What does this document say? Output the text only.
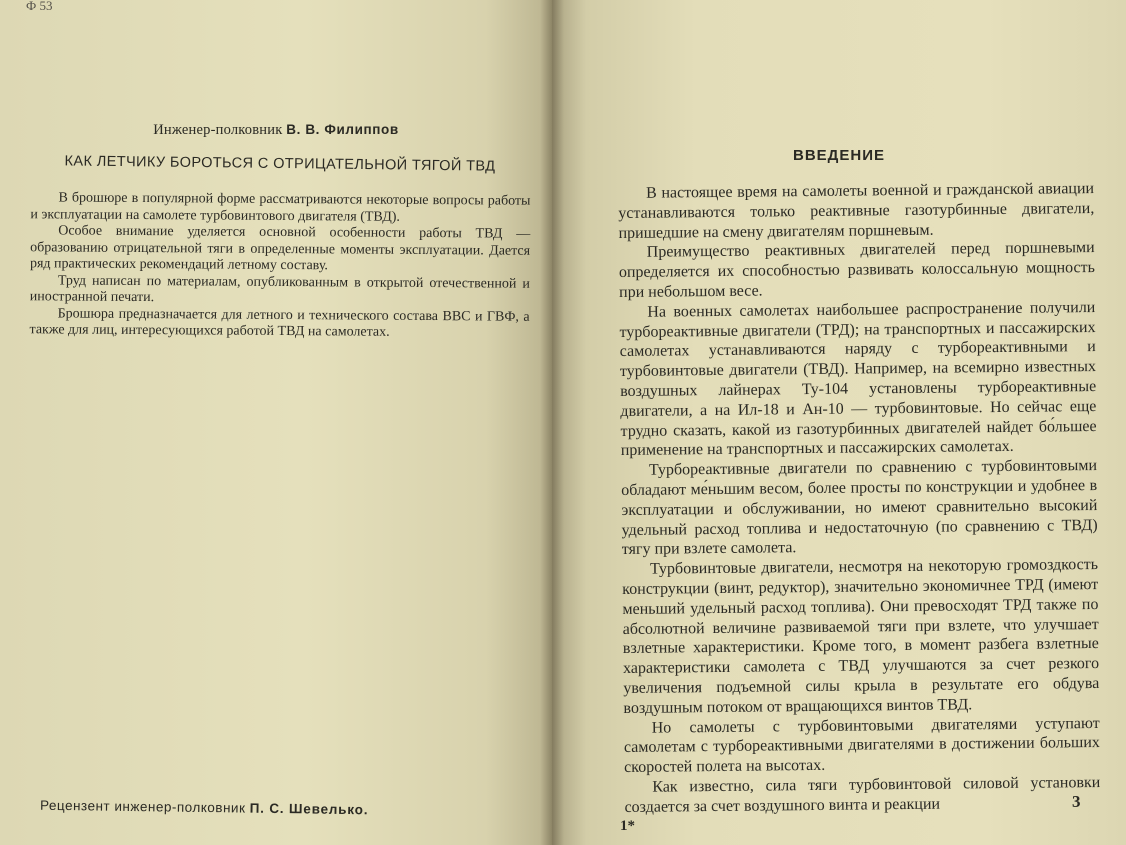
Ф 53
Инженер-полковник В. В. Филиппов
КАК ЛЕТЧИКУ БОРОТЬСЯ С ОТРИЦАТЕЛЬНОЙ ТЯГОЙ ТВД

В брошюре в популярной форме рассматриваются некоторые вопросы работы и эксплуатации на самолете турбовинтового двигателя (ТВД).

Особое внимание уделяется основной особенности работы ТВД — образованию отрицательной тяги в определенные моменты эксплуатации. Дается ряд практических рекомендаций летному составу.

Труд написан по материалам, опубликованным в открытой отечественной и иностранной печати.

Брошюра предназначается для летного и технического состава ВВС и ГВФ, а также для лиц, интересующихся работой ТВД на самолетах.

Рецензент инженер-полковник П. С. Шевелько.
ВВЕДЕНИЕ

В настоящее время на самолеты военной и гражданской авиации устанавливаются только реактивные газотурбинные двигатели, пришедшие на смену двигателям поршневым.

Преимущество реактивных двигателей перед поршневыми определяется их способностью развивать колоссальную мощность при небольшом весе.

На военных самолетах наибольшее распространение получили турбореактивные двигатели (ТРД); на транспортных и пассажирских самолетах устанавливаются наряду с турбореактивными и турбовинтовые двигатели (ТВД). Например, на всемирно известных воздушных лайнерах Ту-104 установлены турбореактивные двигатели, а на Ил-18 и Ан-10 — турбовинтовые. Но сейчас еще трудно сказать, какой из газотурбинных двигателей найдет бо́льшее применение на транспортных и пассажирских самолетах.

Турбореактивные двигатели по сравнению с турбовинтовыми обладают ме́ньшим весом, более просты по конструкции и удобнее в эксплуатации и обслуживании, но имеют сравнительно высокий удельный расход топлива и недостаточную (по сравнению с ТВД) тягу при взлете самолета.

Турбовинтовые двигатели, несмотря на некоторую громоздкость конструкции (винт, редуктор), значительно экономичнее ТРД (имеют меньший удельный расход топлива). Они превосходят ТРД также по абсолютной величине развиваемой тяги при взлете, что улучшает взлетные характеристики. Кроме того, в момент разбега взлетные характеристики самолета с ТВД улучшаются за счет резкого увеличения подъемной силы крыла в результате его обдува воздушным потоком от вращающихся винтов ТВД.

Но самолеты с турбовинтовыми двигателями уступают самолетам с турбореактивными двигателями в достижении больших скоростей полета на высотах.

Как известно, сила тяги турбовинтовой силовой установки создается за счет воздушного винта и реакции	3
1*
